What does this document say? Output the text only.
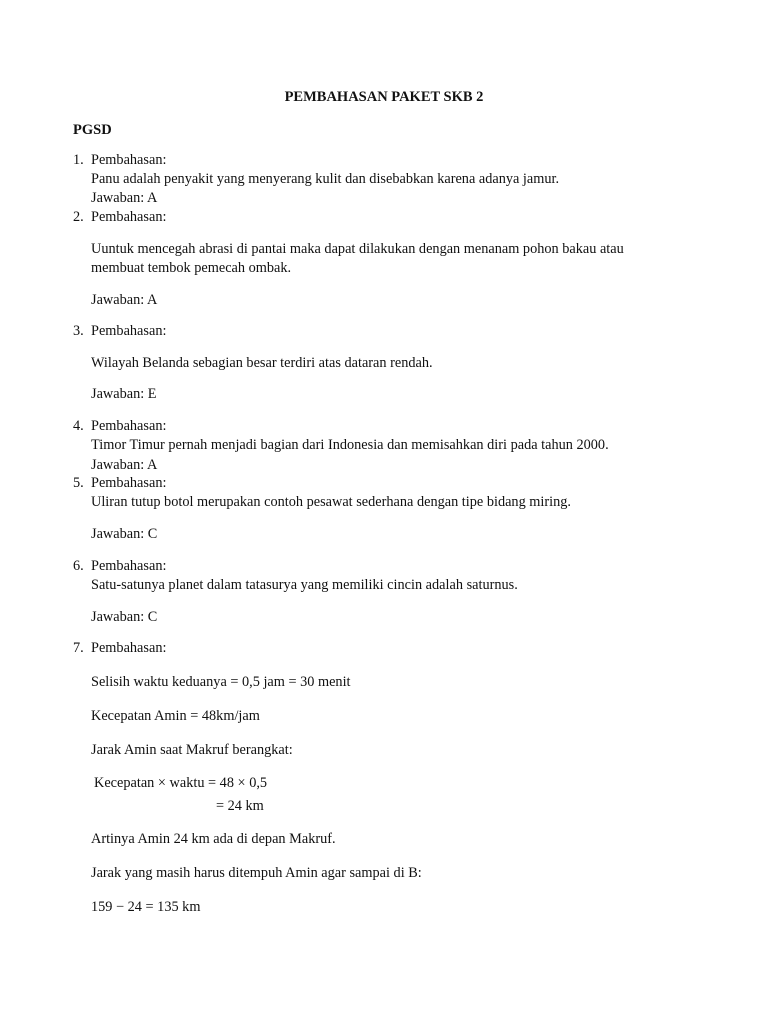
PEMBAHASAN PAKET SKB 2
PGSD
1. Pembahasan:
Panu adalah penyakit yang menyerang kulit dan disebabkan karena adanya jamur.
Jawaban: A
2. Pembahasan:
Uuntuk mencegah abrasi di pantai maka dapat dilakukan dengan menanam pohon bakau atau
membuat tembok pemecah ombak.
Jawaban: A
3. Pembahasan:
Wilayah Belanda sebagian besar terdiri atas dataran rendah.
Jawaban: E
4. Pembahasan:
Timor Timur pernah menjadi bagian dari Indonesia dan memisahkan diri pada tahun 2000.
Jawaban: A
5. Pembahasan:
Uliran tutup botol merupakan contoh pesawat sederhana dengan tipe bidang miring.
Jawaban: C
6. Pembahasan:
Satu-satunya planet dalam tatasurya yang memiliki cincin adalah saturnus.
Jawaban: C
7. Pembahasan:
Selisih waktu keduanya = 0,5 jam = 30 menit
Kecepatan Amin = 48km/jam
Jarak Amin saat Makruf berangkat:
Kecepatan × waktu = 48 × 0,5
= 24 km
Artinya Amin 24 km ada di depan Makruf.
Jarak yang masih harus ditempuh Amin agar sampai di B:
159 − 24 = 135 km
